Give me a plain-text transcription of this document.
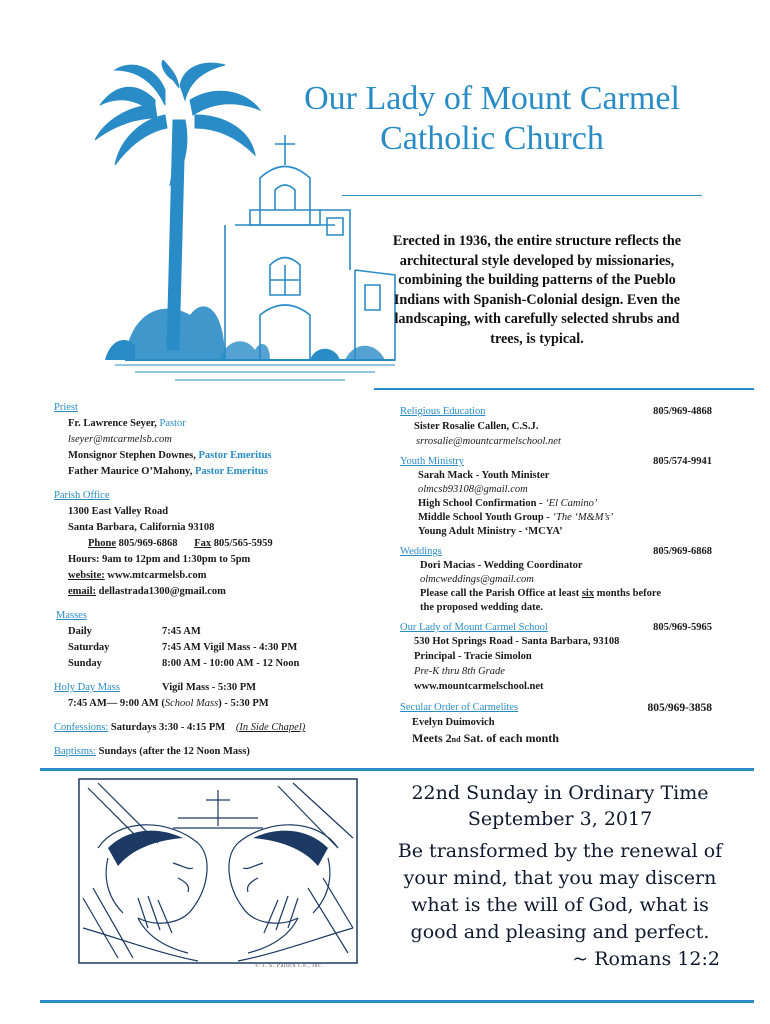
Our Lady of Mount Carmel
Catholic Church
Erected in 1936, the entire structure reflects the
architectural style developed by missionaries,
combining the building patterns of the Pueblo
Indians with Spanish-Colonial design. Even the
landscaping, with carefully selected shrubs and
trees, is typical.
Priest
Fr. Lawrence Seyer, Pastor
lseyer@mtcarmelsb.com
Monsignor Stephen Downes, Pastor Emeritus
Father Maurice O’Mahony, Pastor Emeritus
Parish Office
1300 East Valley Road
Santa Barbara, California 93108
Phone 805/969-6868 Fax 805/565-5959
Hours: 9am to 12pm and 1:30pm to 5pm
website: www.mtcarmelsb.com
email: dellastrada1300@gmail.com
Masses
Daily	7:45 AM
Saturday	7:45 AM Vigil Mass - 4:30 PM
Sunday	8:00 AM - 10:00 AM - 12 Noon
Holy Day Mass	Vigil Mass - 5:30 PM
7:45 AM— 9:00 AM (School Mass) - 5:30 PM
Confessions: Saturdays 3:30 - 4:15 PM (In Side Chapel)
Baptisms: Sundays (after the 12 Noon Mass)
Religious Education	805/969-4868
Sister Rosalie Callen, C.S.J.
srrosalie@mountcarmelschool.net
Youth Ministry	805/574-9941
Sarah Mack - Youth Minister
olmcsb93108@gmail.com
High School Confirmation - ‘El Camino’
Middle School Youth Group - ‘The ‘M&M’s’
Young Adult Ministry - ‘MCYA’
Weddings	805/969-6868
Dori Macias - Wedding Coordinator
olmcweddings@gmail.com
Please call the Parish Office at least six months before
the proposed wedding date.
Our Lady of Mount Carmel School	805/969-5965
530 Hot Springs Road - Santa Barbara, 93108
Principal - Tracie Simolon
Pre-K thru 8th Grade
www.mountcarmelschool.net
Secular Order of Carmelites	805/969-3858
Evelyn Duimovich
Meets 2nd Sat. of each month
© J. S. Paluch Co., Inc.
22nd Sunday in Ordinary Time
September 3, 2017
Be transformed by the renewal of
your mind, that you may discern
what is the will of God, what is
good and pleasing and perfect.
~ Romans 12:2
